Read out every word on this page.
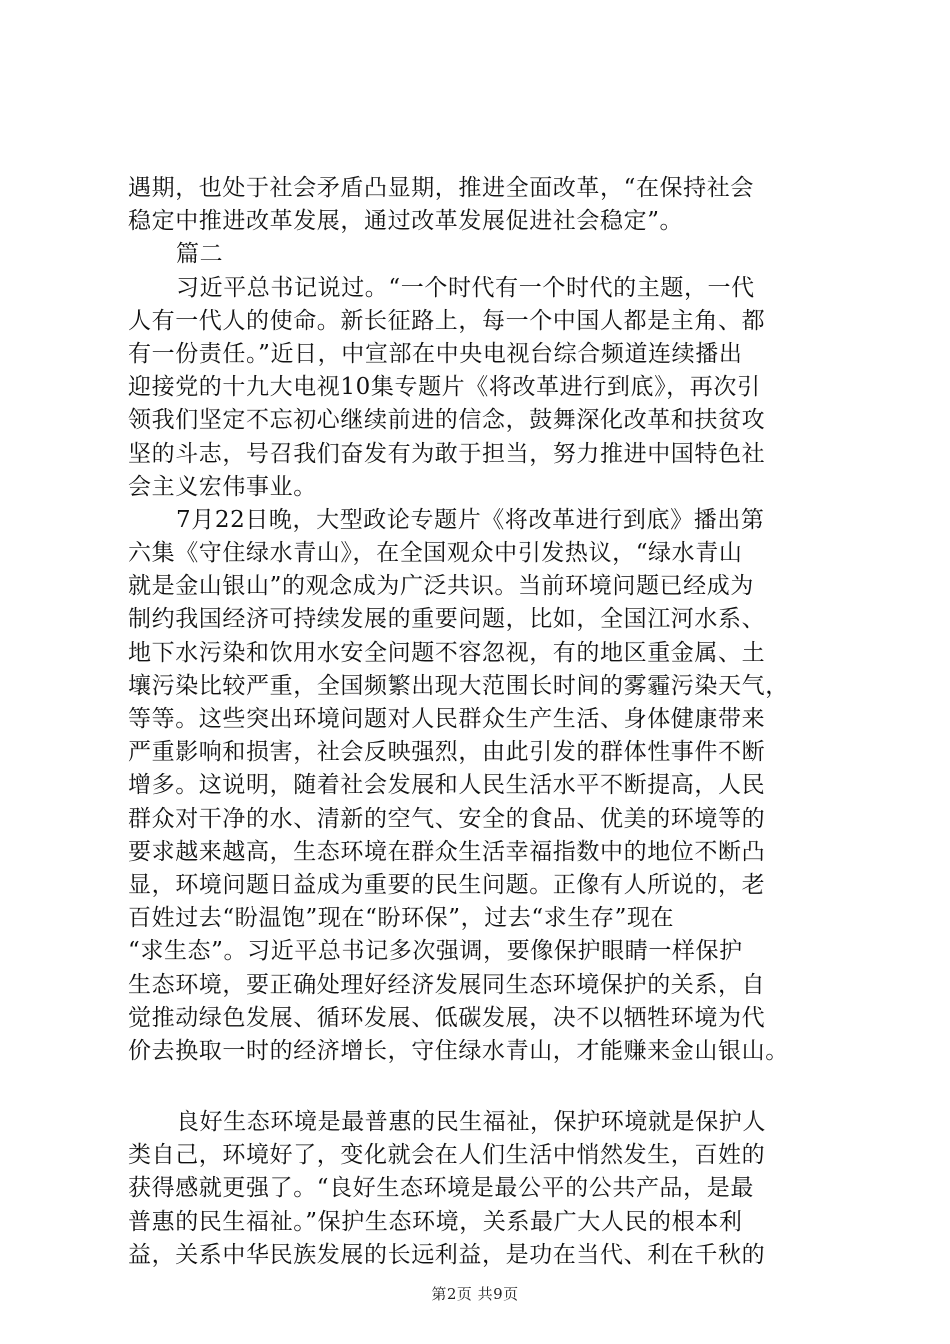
遇期，也处于社会矛盾凸显期，推进全面改革，“在保持社会
稳定中推进改革发展，通过改革发展促进社会稳定”。
篇二
习近平总书记说过。“一个时代有一个时代的主题，一代
人有一代人的使命。新长征路上，每一个中国人都是主角、都
有一份责任。”近日，中宣部在中央电视台综合频道连续播出
迎接党的十九大电视10集专题片《将改革进行到底》，再次引
领我们坚定不忘初心继续前进的信念，鼓舞深化改革和扶贫攻
坚的斗志，号召我们奋发有为敢于担当，努力推进中国特色社
会主义宏伟事业。
7月22日晚，大型政论专题片《将改革进行到底》播出第
六集《守住绿水青山》，在全国观众中引发热议，“绿水青山
就是金山银山”的观念成为广泛共识。当前环境问题已经成为
制约我国经济可持续发展的重要问题，比如，全国江河水系、
地下水污染和饮用水安全问题不容忽视，有的地区重金属、土
壤污染比较严重，全国频繁出现大范围长时间的雾霾污染天气，
等等。这些突出环境问题对人民群众生产生活、身体健康带来
严重影响和损害，社会反映强烈，由此引发的群体性事件不断
增多。这说明，随着社会发展和人民生活水平不断提高，人民
群众对干净的水、清新的空气、安全的食品、优美的环境等的
要求越来越高，生态环境在群众生活幸福指数中的地位不断凸
显，环境问题日益成为重要的民生问题。正像有人所说的，老
百姓过去“盼温饱”现在“盼环保”，过去“求生存”现在
“求生态”。习近平总书记多次强调，要像保护眼睛一样保护
生态环境，要正确处理好经济发展同生态环境保护的关系，自
觉推动绿色发展、循环发展、低碳发展，决不以牺牲环境为代
价去换取一时的经济增长，守住绿水青山，才能赚来金山银山。
良好生态环境是最普惠的民生福祉，保护环境就是保护人
类自己，环境好了，变化就会在人们生活中悄然发生，百姓的
获得感就更强了。“良好生态环境是最公平的公共产品，是最
普惠的民生福祉。”保护生态环境，关系最广大人民的根本利
益，关系中华民族发展的长远利益，是功在当代、利在千秋的
第2页 共9页
